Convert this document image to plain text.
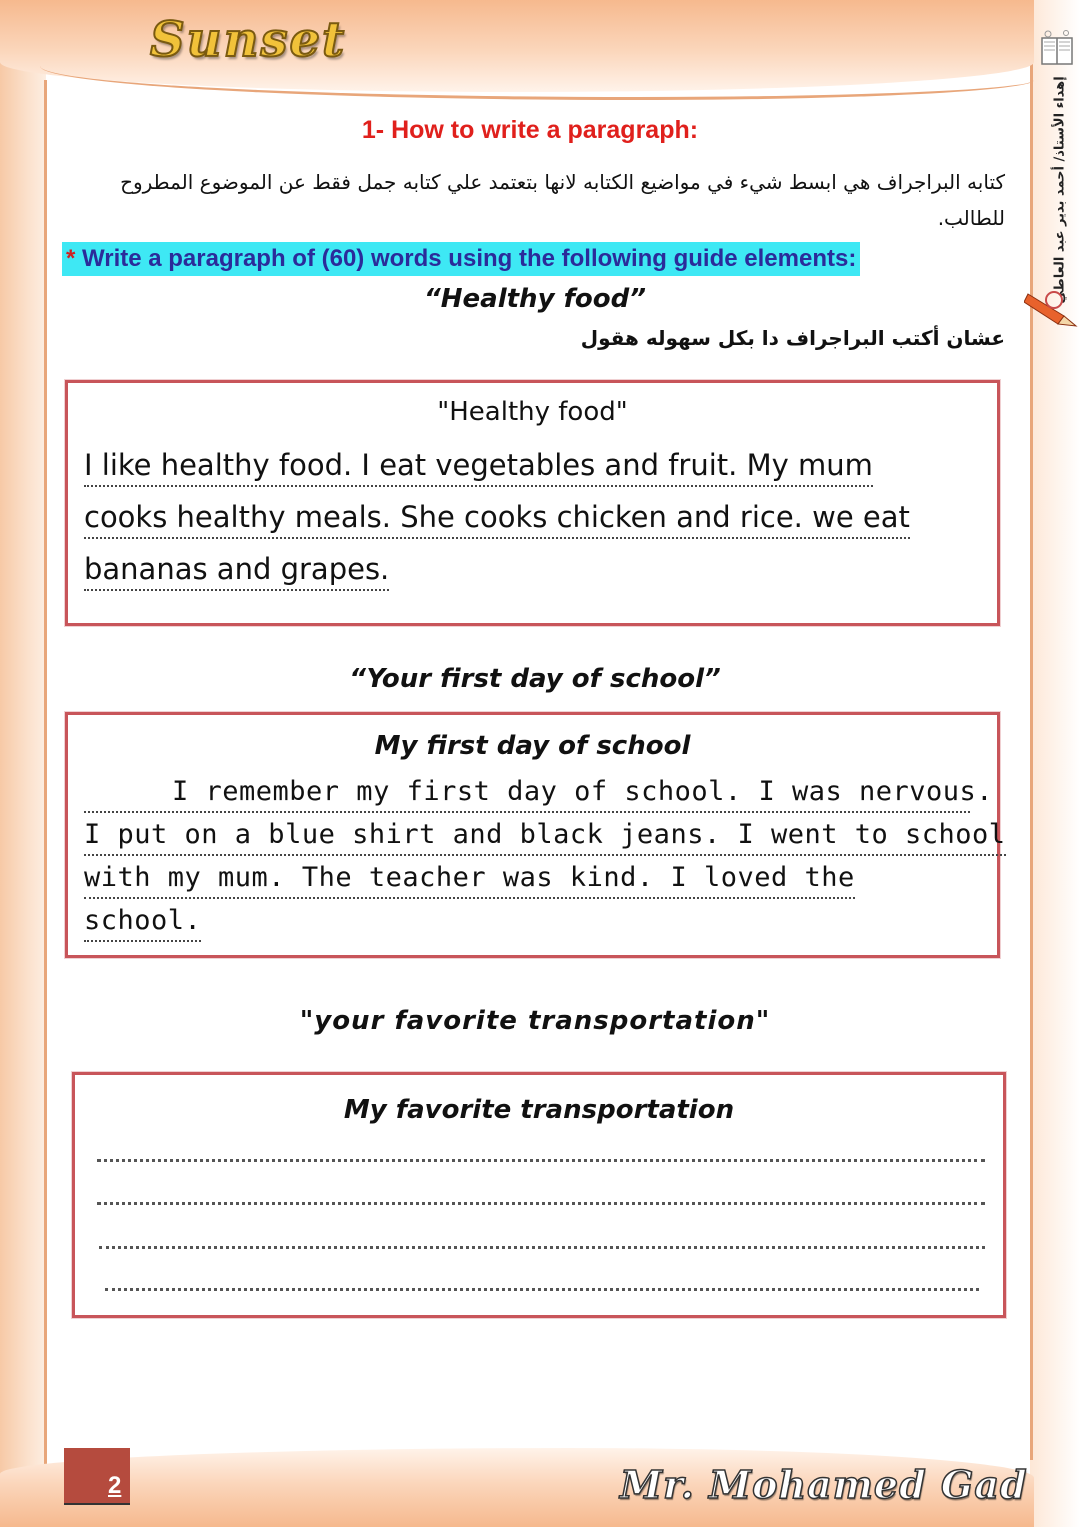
Sunset
إهداء الأستاذ/ أحمد بدير عبد العاطي
1- How to write a paragraph:
كتابه البراجراف هي ابسط شيء في مواضيع الكتابه لانها بتعتمد علي كتابه جمل فقط عن الموضوع المطروح للطالب.
* Write a paragraph of (60) words using the following guide elements:
“Healthy food”
عشان أكتب البراجراف دا بكل سهوله هقول
"Healthy food"
I like healthy food. I eat vegetables and fruit. My mum
cooks healthy meals. She cooks chicken and rice. we eat
bananas and grapes.
“Your first day of school”
My first day of school
I remember my first day of school. I was nervous.
I put on a blue shirt and black jeans. I went to school
with my mum. The teacher was kind. I loved the
school.
"your favorite transportation"
My favorite transportation
2	Mr. Mohamed Gad
